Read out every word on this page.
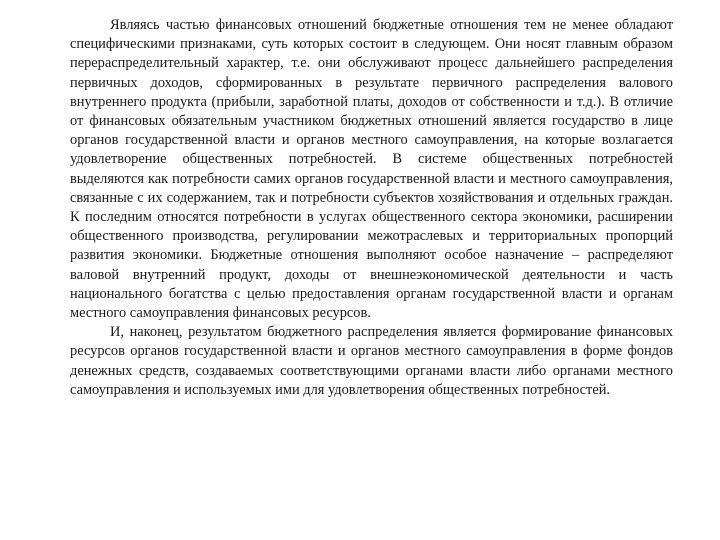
Являясь частью финансовых отношений бюджетные отношения тем не менее обладают специфическими признаками, суть которых состоит в следующем. Они носят главным образом перераспределительный характер, т.е. они обслуживают процесс дальнейшего распределения первичных доходов, сформированных в результате первичного распределения валового внутреннего продукта (прибыли, заработной платы, доходов от собственности и т.д.). В отличие от финансовых обязательным участником бюджетных отношений является государство в лице органов государственной власти и органов местного самоуправления, на которые возлагается удовлетворение общественных потребностей. В системе общественных потребностей выделяются как потребности самих органов государственной власти и местного самоуправления, связанные с их содержанием, так и потребности субъектов хозяйствования и отдельных граждан. К последним относятся потребности в услугах общественного сектора экономики, расширении общественного производства, регулировании межотраслевых и территориальных пропорций развития экономики. Бюджетные отношения выполняют особое назначение – распределяют валовой внутренний продукт, доходы от внешнеэкономической деятельности и часть национального богатства с целью предоставления органам государственной власти и органам местного самоуправления финансовых ресурсов.

И, наконец, результатом бюджетного распределения является формирование финансовых ресурсов органов государственной власти и органов местного самоуправления в форме фондов денежных средств, создаваемых соответствующими органами власти либо органами местного самоуправления и используемых ими для удовлетворения общественных потребностей.
